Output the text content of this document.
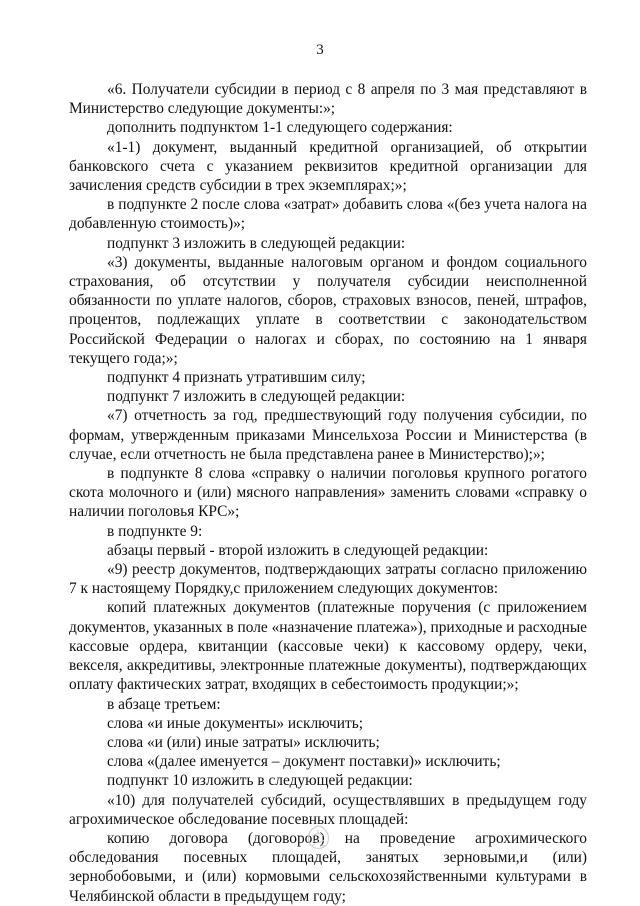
3

«6. Получатели субсидии в период с 8 апреля по 3 мая представляют в Министерство следующие документы:»;

дополнить подпунктом 1-1 следующего содержания:

«1-1) документ, выданный кредитной организацией, об открытии банковского счета с указанием реквизитов кредитной организации для зачисления средств субсидии в трех экземплярах;»;

в подпункте 2 после слова «затрат» добавить слова «(без учета налога на добавленную стоимость)»;

подпункт 3 изложить в следующей редакции:

«3) документы, выданные налоговым органом и фондом социального страхования, об отсутствии у получателя субсидии неисполненной обязанности по уплате налогов, сборов, страховых взносов, пеней, штрафов, процентов, подлежащих уплате в соответствии с законодательством Российской Федерации о налогах и сборах, по состоянию на 1 января текущего года;»;

подпункт 4 признать утратившим силу;

подпункт 7 изложить в следующей редакции:

«7) отчетность за год, предшествующий году получения субсидии, по формам, утвержденным приказами Минсельхоза России и Министерства (в случае, если отчетность не была представлена ранее в Министерство);»;

в подпункте 8 слова «справку о наличии поголовья крупного рогатого скота молочного и (или) мясного направления» заменить словами «справку о наличии поголовья КРС»;

в подпункте 9:

абзацы первый - второй изложить в следующей редакции:

«9) реестр документов, подтверждающих затраты согласно приложению 7 к настоящему Порядку,с приложением следующих документов:

копий платежных документов (платежные поручения (с приложением документов, указанных в поле «назначение платежа»), приходные и расходные кассовые ордера, квитанции (кассовые чеки) к кассовому ордеру, чеки, векселя, аккредитивы, электронные платежные документы), подтверждающих оплату фактических затрат, входящих в себестоимость продукции;»;

в абзаце третьем:

слова «и иные документы» исключить;

слова «и (или) иные затраты» исключить;

слова «(далее именуется – документ поставки)» исключить;

подпункт 10 изложить в следующей редакции:

«10) для получателей субсидий, осуществлявших в предыдущем году агрохимическое обследование посевных площадей:

копию договора (договоров) на проведение агрохимического обследования посевных площадей, занятых зерновыми,и (или) зернобобовыми, и (или) кормовыми сельскохозяйственными культурами в Челябинской области в предыдущем году;
